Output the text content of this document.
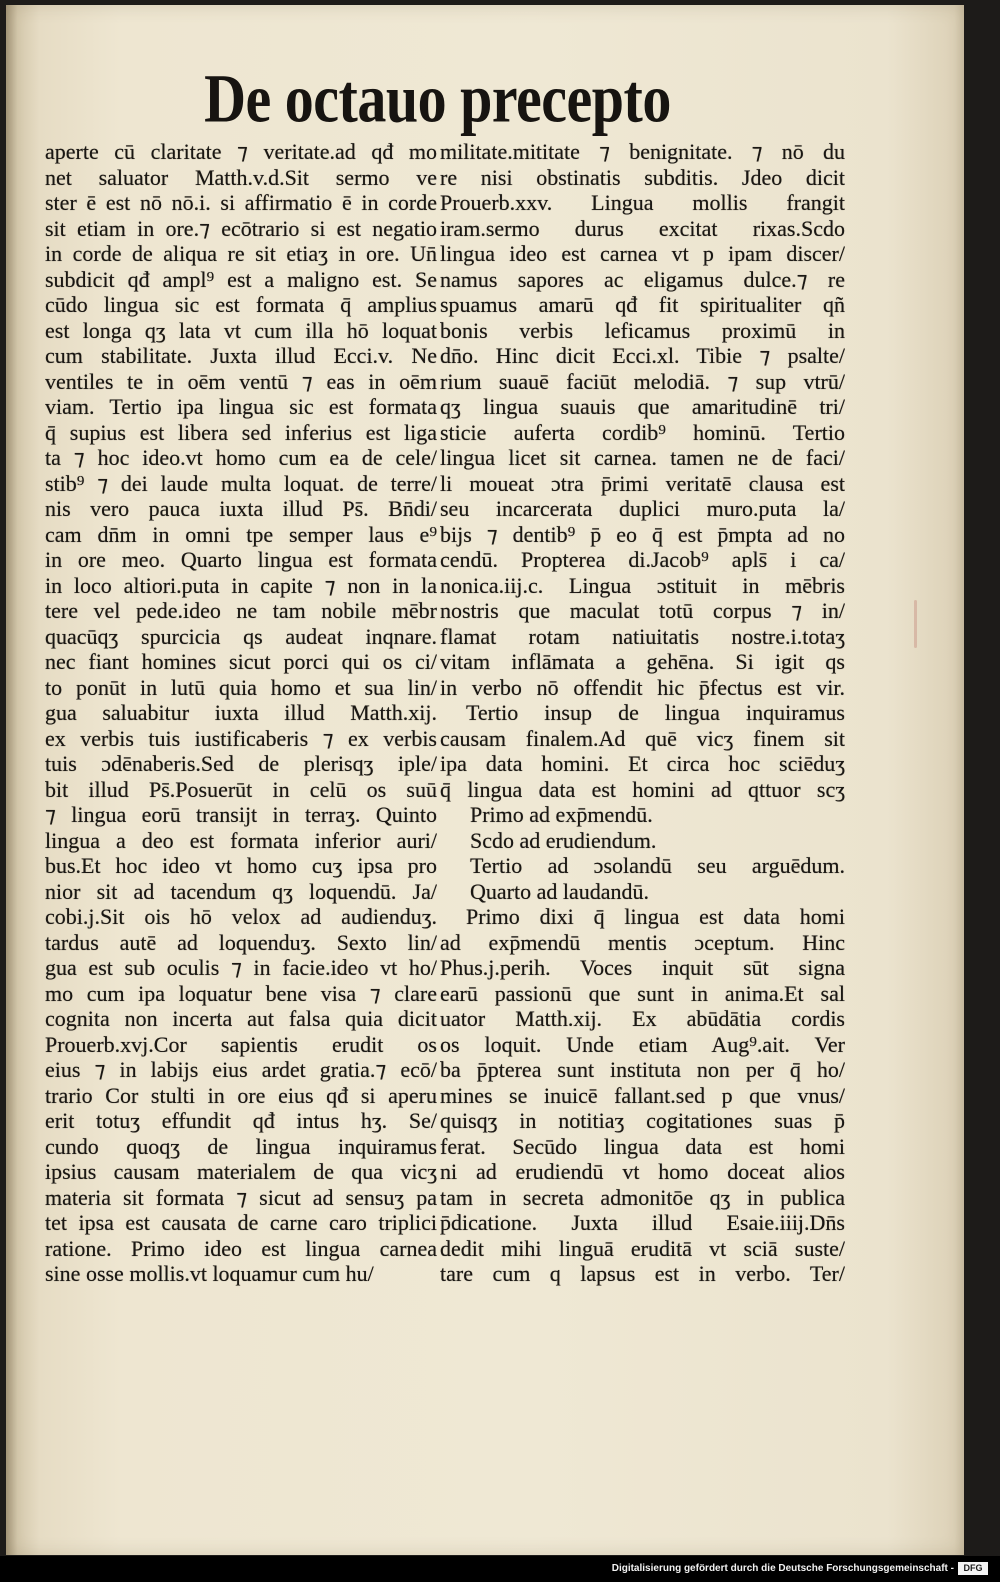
De octauo precepto
aperte cū claritate ⁊ veritate.ad qđ mo
net saluator Matth.v.d.Sit sermo ve
ster ē est nō nō.i. si affirmatio ē in corde
sit etiam in ore.⁊ ecōtrario si est negatio
in corde de aliqua re sit etiaʒ in ore. Un̄
subdicit qđ ampl⁹ est a maligno est. Se
cūdo lingua sic est formata q̄ amplius
est longa qʒ lata vt cum illa hō loquat
cum stabilitate. Juxta illud Ecci.v. Ne
ventiles te in oēm ventū ⁊ eas in oēm
viam. Tertio ipa lingua sic est formata
q̄ supius est libera sed inferius est liga
ta ⁊ hoc ideo.vt homo cum ea de cele/
stib⁹ ⁊ dei laude multa loquat. de terre/
nis vero pauca iuxta illud Ps̄. Bn̄di/
cam dn̄m in omni tpe semper laus e⁹
in ore meo. Quarto lingua est formata
in loco altiori.puta in capite ⁊ non in la
tere vel pede.ideo ne tam nobile mēbr
quacūqʒ spurcicia qs audeat inqnare.
nec fiant homines sicut porci qui os ci/
to ponūt in lutū quia homo et sua lin/
gua saluabitur iuxta illud Matth.xij.
ex verbis tuis iustificaberis ⁊ ex verbis
tuis ɔdēnaberis.Sed de plerisqʒ iple/
bit illud Ps̄.Posuerūt in celū os suū
⁊ lingua eorū transijt in terraʒ. Quinto
lingua a deo est formata inferior auri/
bus.Et hoc ideo vt homo cuʒ ipsa pro
nior sit ad tacendum qʒ loquendū. Ja/
cobi.j.Sit ois hō velox ad audienduʒ.
tardus autē ad loquenduʒ. Sexto lin/
gua est sub oculis ⁊ in facie.ideo vt ho/
mo cum ipa loquatur bene visa ⁊ clare
cognita non incerta aut falsa quia dicit
Prouerb.xvj.Cor sapientis erudit os
eius ⁊ in labijs eius ardet gratia.⁊ ecō/
trario Cor stulti in ore eius qđ si aperu
erit totuʒ effundit qđ intus hʒ. Se/
cundo quoqʒ de lingua inquiramus
ipsius causam materialem de qua vicʒ
materia sit formata ⁊ sicut ad sensuʒ pa
tet ipsa est causata de carne caro triplici
ratione. Primo ideo est lingua carnea
sine osse mollis.vt loquamur cum hu/
militate.mititate ⁊ benignitate. ⁊ nō du
re nisi obstinatis subditis. Jdeo dicit
Prouerb.xxv. Lingua mollis frangit
iram.sermo durus excitat rixas.Scdo
lingua ideo est carnea vt p ipam discer/
namus sapores ac eligamus dulce.⁊ re
spuamus amarū qđ fit spiritualiter qñ
bonis verbis leficamus proximū in
dn̄o. Hinc dicit Ecci.xl. Tibie ⁊ psalte/
rium suauē faciūt melodiā. ⁊ sup vtrū/
qʒ lingua suauis que amaritudinē tri/
sticie auferta cordib⁹ hominū. Tertio
lingua licet sit carnea. tamen ne de faci/
li moueat ɔtra p̄rimi veritatē clausa est
seu incarcerata duplici muro.puta la/
bijs ⁊ dentib⁹ p̄ eo q̄ est p̄mpta ad no
cendū. Propterea di.Jacob⁹ apls̄ i ca/
nonica.iij.c. Lingua ɔstituit in mēbris
nostris que maculat totū corpus ⁊ in/
flamat rotam natiuitatis nostre.i.totaʒ
vitam inflāmata a gehēna. Si igit qs
in verbo nō offendit hic p̄fectus est vir.
Tertio insup de lingua inquiramus
causam finalem.Ad quē vicʒ finem sit
ipa data homini. Et circa hoc sciēduʒ
q̄ lingua data est homini ad qttuor scʒ
Primo ad exp̄mendū.
Scdo ad erudiendum.
Tertio ad ɔsolandū seu arguēdum.
Quarto ad laudandū.
Primo dixi q̄ lingua est data homi
ad exp̄mendū mentis ɔceptum. Hinc
Phus.j.perih. Voces inquit sūt signa
earū passionū que sunt in anima.Et sal
uator Matth.xij. Ex abūdātia cordis
os loquit. Unde etiam Aug⁹.ait. Ver
ba p̄pterea sunt instituta non per q̄ ho/
mines se inuicē fallant.sed p que vnus/
quisqʒ in notitiaʒ cogitationes suas p̄
ferat. Secūdo lingua data est homi
ni ad erudiendū vt homo doceat alios
tam in secreta admonitōe qʒ in publica
p̄dicatione. Juxta illud Esaie.iiij.Dn̄s
dedit mihi linguā eruditā vt sciā suste/
tare cum q lapsus est in verbo. Ter/
Digitalisierung gefördert durch die Deutsche Forschungsgemeinschaft -	DFG
